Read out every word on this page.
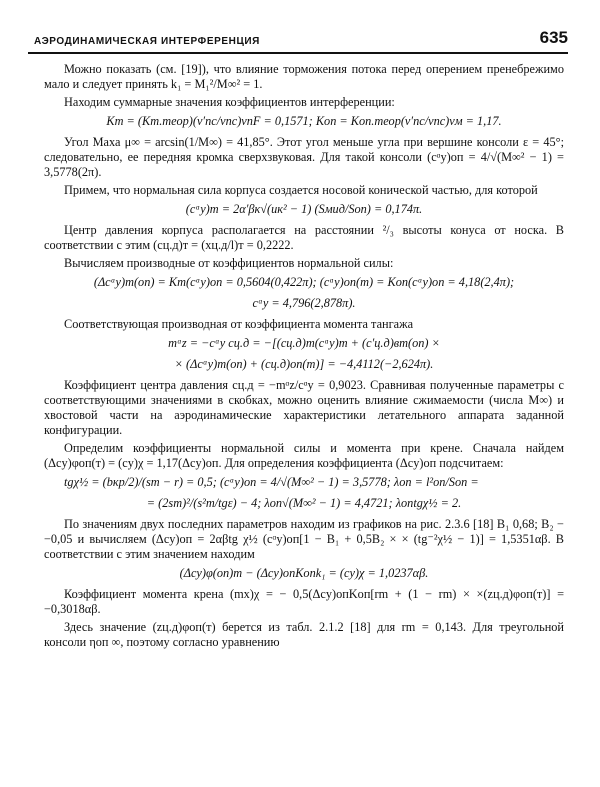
АЭРОДИНАМИЧЕСКАЯ ИНТЕРФЕРЕНЦИЯ	635

Можно показать (см. [19]), что влияние торможения потока перед оперением пренебрежимо мало и следует принять k₁ = M₁²/M∞² = 1.

Находим суммарные значения коэффициентов интерференции:

Kт = (Kт.теор)(ν′пс/νпс)νпF = 0,1571; Kоп = Kоп.теор(ν′пс/νпс)νм = 1,17.

Угол Маха μ∞ = arcsin(1/M∞) = 41,85°. Этот угол меньше угла при вершине консоли ε = 45°; следовательно, ее передняя кромка сверхзвуковая. Для такой консоли (cᵅy)оп = 4/√(M∞² − 1) = 3,5778(2π).

Примем, что нормальная сила корпуса создается носовой конической частью, для которой

(cᵅy)т = 2α′βк√(uк² − 1) (Sмид/Sоп) = 0,174π.

Центр давления корпуса располагается на расстоянии ²/₃ высоты конуса от носка. В соответствии с этим (cц.д)т = (xц.д/l)т = 0,2222.

Вычисляем производные от коэффициентов нормальной силы:

(Δcᵅy)т(оп) = Kт(cᵅy)оп = 0,5604(0,422π); (cᵅy)оп(т) = Kоп(cᵅy)оп = 4,18(2,4π);

cᵅy = 4,796(2,878π).

Соответствующая производная от коэффициента момента тангажа

mᵅz = −cᵅy cц.д = −[(cц.д)т(cᵅy)т + (c′ц.д)вт(оп) ×

× (Δcᵅy)т(оп) + (cц.д)оп(т)] = −4,4112(−2,624π).

Коэффициент центра давления cц.д = −mᵅz/cᵅy = 0,9023. Сравнивая полученные параметры с соответствующими значениями в скобках, можно оценить влияние сжимаемости (числа M∞) и хвостовой части на аэродинамические характеристики летательного аппарата заданной конфигурации.

Определим коэффициенты нормальной силы и момента при крене. Сначала найдем (Δcy)φоп(т) = (cy)χ = 1,17(Δcy)оп. Для определения коэффициента (Δcy)оп подсчитаем:

tgχ½ = (bкр/2)/(sт − r) = 0,5; (cᵅy)оп = 4/√(M∞² − 1) = 3,5778; λоп = l²оп/Sоп =

= (2sт)²/(s²т/tgε) − 4; λоп√(M∞² − 1) = 4,4721; λопtgχ½ = 2.

По значениям двух последних параметров находим из графиков на рис. 2.3.6 [18] B₁ 0,68; B₂ − −0,05 и вычисляем (Δcy)оп = 2αβtg χ½ (cᵅy)оп[1 − B₁ + 0,5B₂ × × (tg⁻²χ½ − 1)] = 1,5351αβ. В соответствии с этим значением находим

(Δcy)φ(оп)т − (Δcy)опKопk₁ = (cy)χ = 1,0237αβ.

Коэффициент момента крена (mx)χ = − 0,5(Δcy)опKоп[rm + (1 − rm) × ×(zц.д)φоп(т)] = −0,3018αβ.

Здесь значение (zц.д)φоп(т) берется из табл. 2.1.2 [18] для rm = 0,143. Для треугольной консоли ηоп ∞, поэтому согласно уравнению
